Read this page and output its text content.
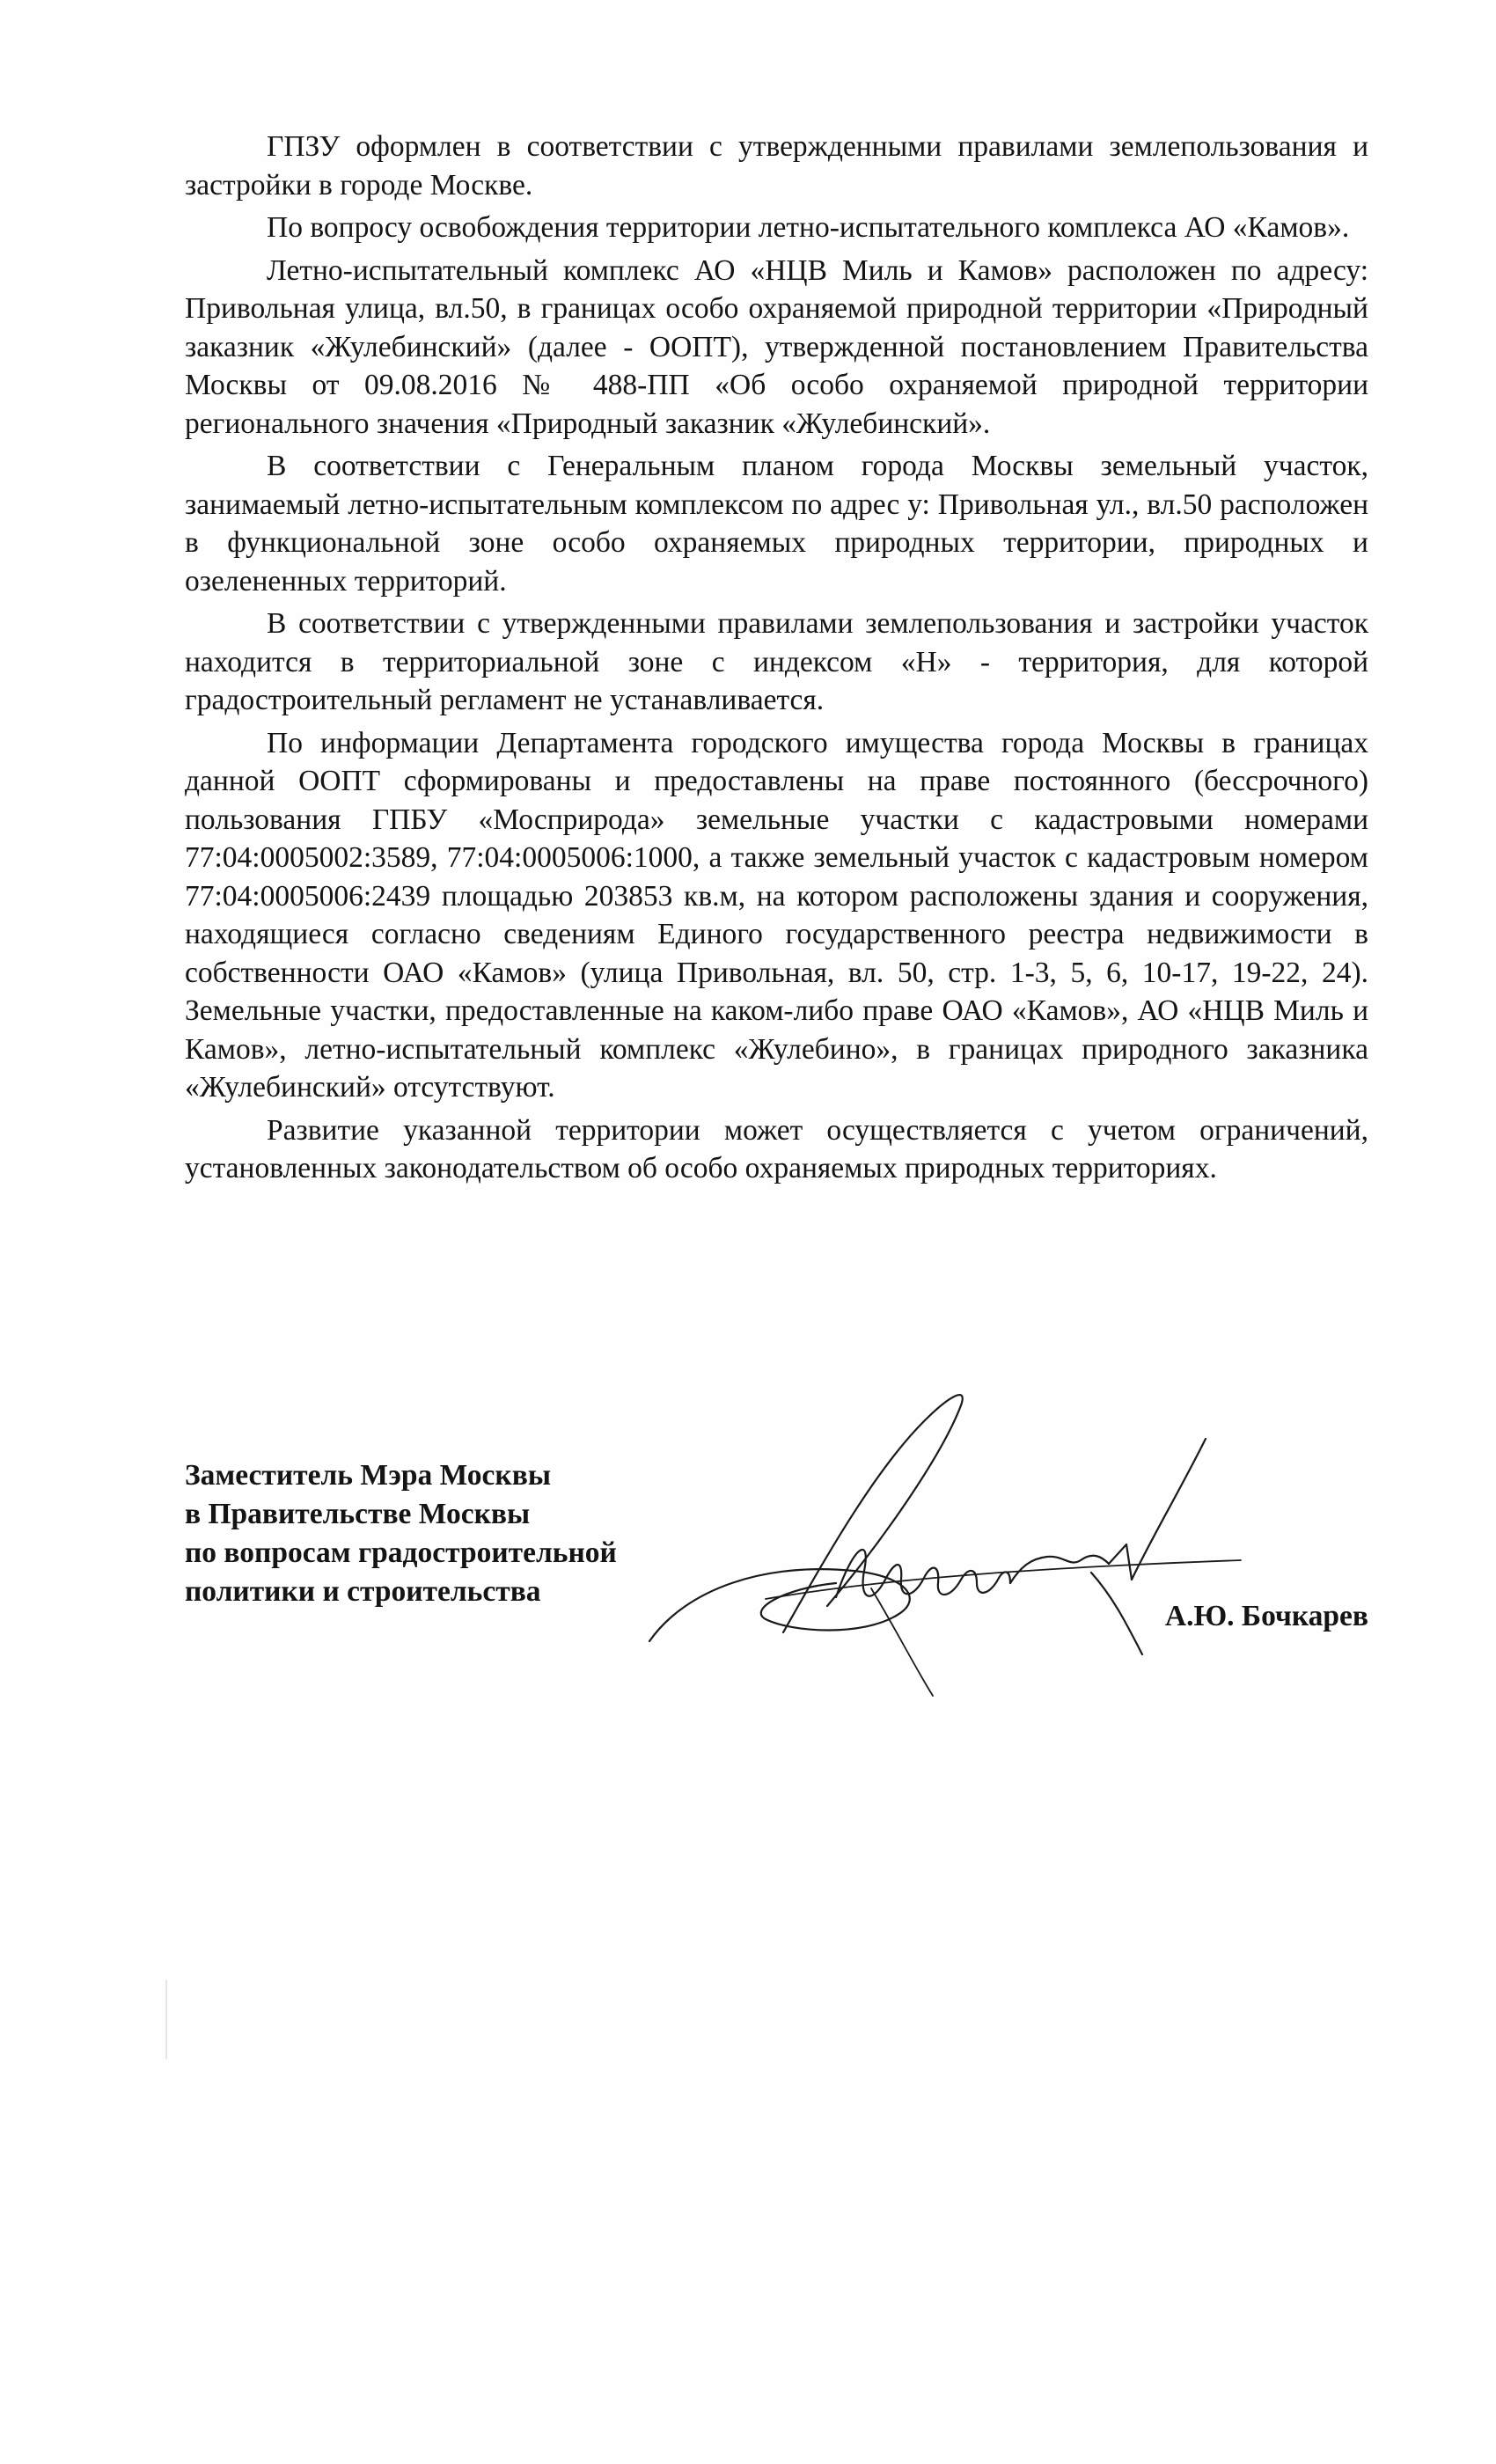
ГПЗУ оформлен в соответствии с утвержденными правилами землепользования и застройки в городе Москве.

По вопросу освобождения территории летно-испытательного комплекса АО «Камов».

Летно-испытательный комплекс АО «НЦВ Миль и Камов» расположен по адресу: Привольная улица, вл.50, в границах особо охраняемой природной территории «Природный заказник «Жулебинский» (далее - ООПТ), утвержденной постановлением Правительства Москвы от 09.08.2016 № 488-ПП «Об особо охраняемой природной территории регионального значения «Природный заказник «Жулебинский».

В соответствии с Генеральным планом города Москвы земельный участок, занимаемый летно-испытательным комплексом по адрес у: Привольная ул., вл.50 расположен в функциональной зоне особо охраняемых природных территории, природных и озелененных территорий.

В соответствии с утвержденными правилами землепользования и застройки участок находится в территориальной зоне с индексом «Н» - территория, для которой градостроительный регламент не устанавливается.

По информации Департамента городского имущества города Москвы в границах данной ООПТ сформированы и предоставлены на праве постоянного (бессрочного) пользования ГПБУ «Мосприрода» земельные участки с кадастровыми номерами 77:04:0005002:3589, 77:04:0005006:1000, а также земельный участок с кадастровым номером 77:04:0005006:2439 площадью 203853 кв.м, на котором расположены здания и сооружения, находящиеся согласно сведениям Единого государственного реестра недвижимости в собственности ОАО «Камов» (улица Привольная, вл. 50, стр. 1-3, 5, 6, 10-17, 19-22, 24). Земельные участки, предоставленные на каком-либо праве ОАО «Камов», АО «НЦВ Миль и Камов», летно-испытательный комплекс «Жулебино», в границах природного заказника «Жулебинский» отсутствуют.

Развитие указанной территории может осуществляется с учетом ограничений, установленных законодательством об особо охраняемых природных территориях.

Заместитель Мэра Москвы
в Правительстве Москвы
по вопросам градостроительной
политики и строительства
А.Ю. Бочкарев
